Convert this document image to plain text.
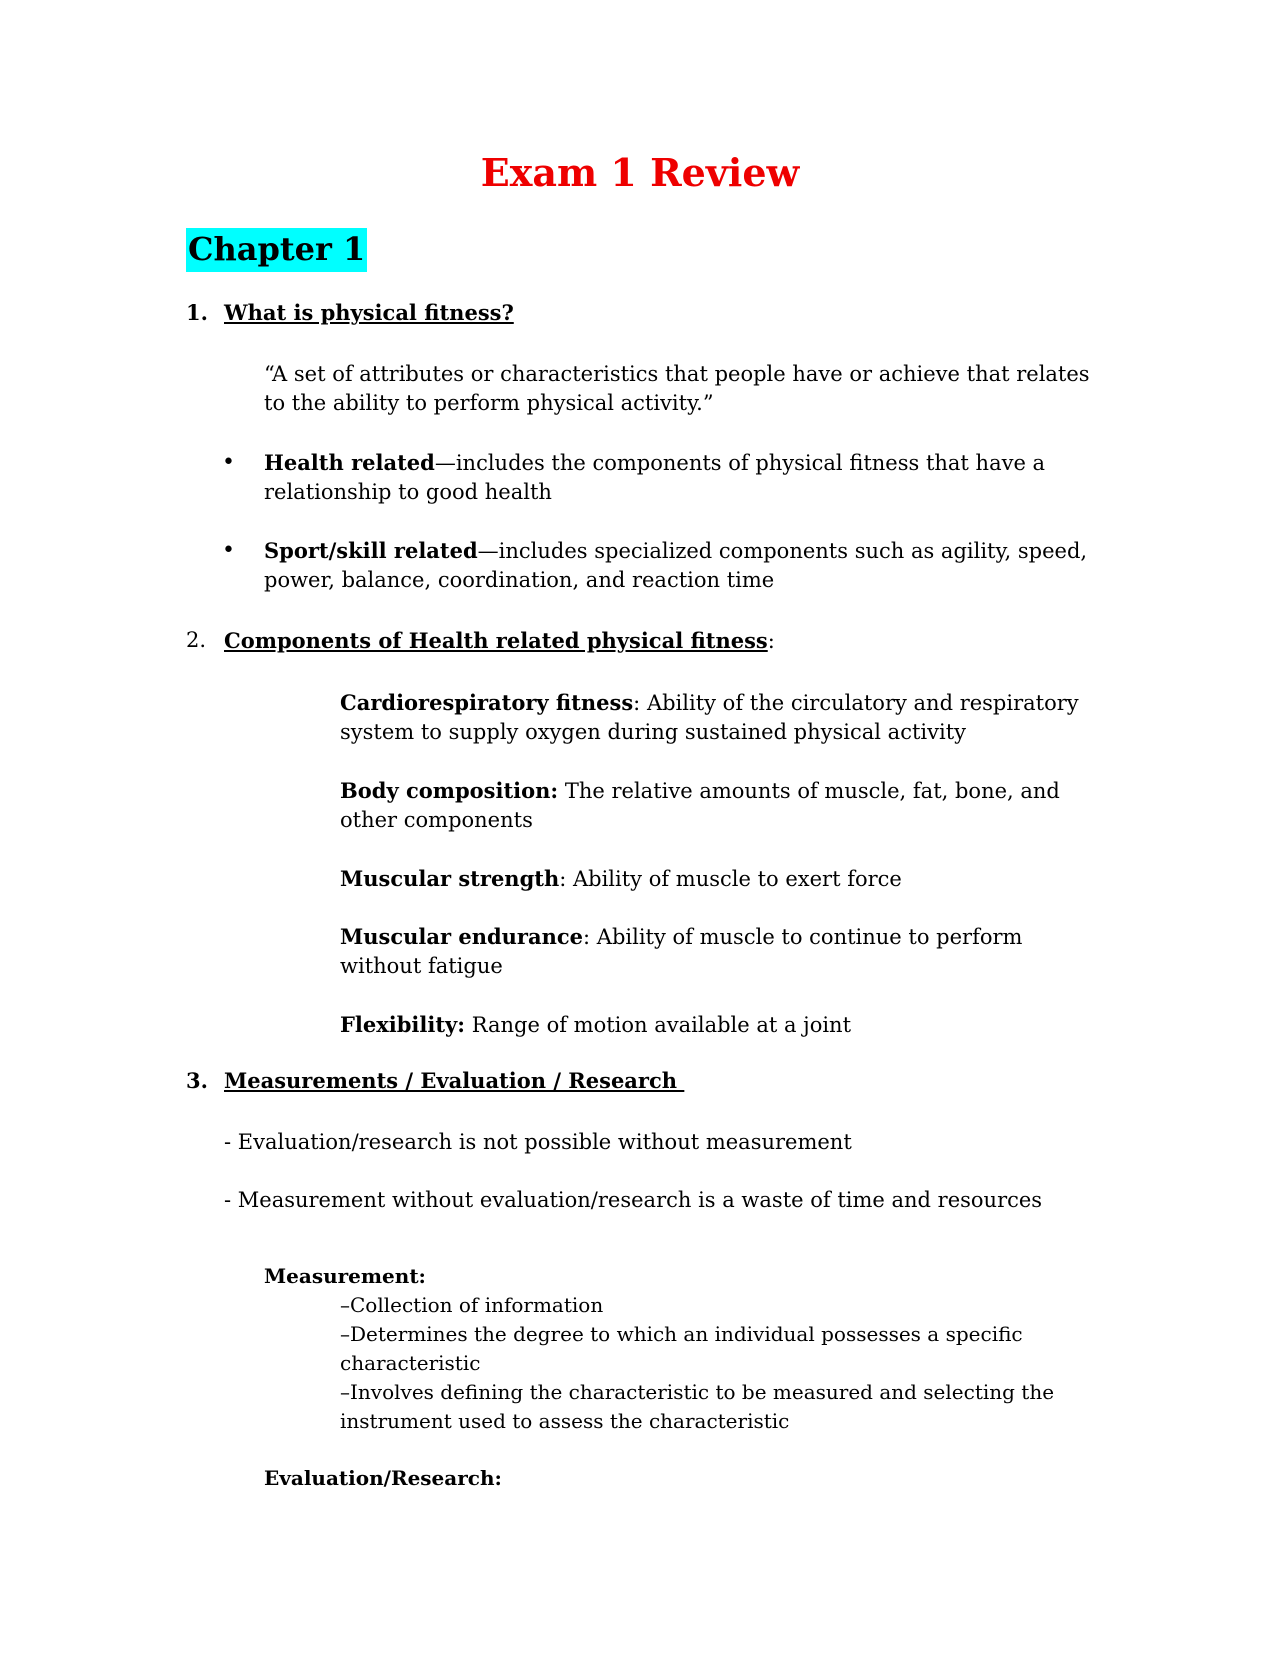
Exam 1 Review
Chapter 1
1. What is physical fitness?
“A set of attributes or characteristics that people have or achieve that relates
to the ability to perform physical activity.”
• Health related—includes the components of physical fitness that have a
relationship to good health
• Sport/skill related—includes specialized components such as agility, speed,
power, balance, coordination, and reaction time
2. Components of Health related physical fitness:
Cardiorespiratory fitness: Ability of the circulatory and respiratory
system to supply oxygen during sustained physical activity
Body composition: The relative amounts of muscle, fat, bone, and
other components
Muscular strength: Ability of muscle to exert force
Muscular endurance: Ability of muscle to continue to perform
without fatigue
Flexibility: Range of motion available at a joint
3. Measurements / Evaluation / Research
- Evaluation/research is not possible without measurement
- Measurement without evaluation/research is a waste of time and resources
Measurement:
–Collection of information
–Determines the degree to which an individual possesses a specific
characteristic
–Involves defining the characteristic to be measured and selecting the
instrument used to assess the characteristic
Evaluation/Research:
